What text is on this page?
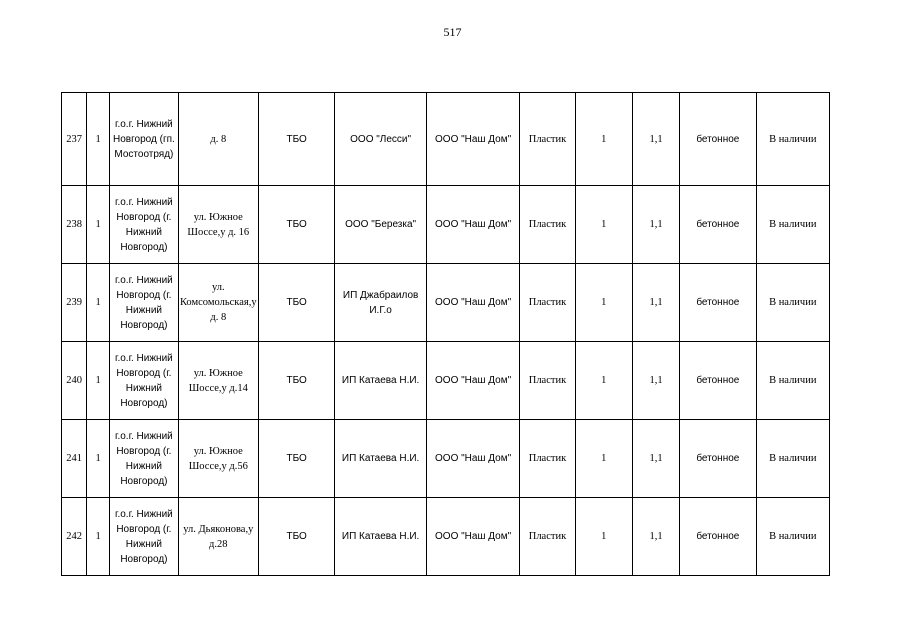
517
237	1	г.о.г. Нижний Новгород (гп. Мостоотряд)	д. 8	ТБО	ООО "Лесси"	ООО "Наш Дом"	Пластик	1	1,1	бетонное	В наличии
238	1	г.о.г. Нижний Новгород (г. Нижний Новгород)	ул. Южное Шоссе,у д. 16	ТБО	ООО "Березка"	ООО "Наш Дом"	Пластик	1	1,1	бетонное	В наличии
239	1	г.о.г. Нижний Новгород (г. Нижний Новгород)	ул. Комсомольская,у д. 8	ТБО	ИП Джабраилов И.Г.о	ООО "Наш Дом"	Пластик	1	1,1	бетонное	В наличии
240	1	г.о.г. Нижний Новгород (г. Нижний Новгород)	ул. Южное Шоссе,у д.14	ТБО	ИП Катаева Н.И.	ООО "Наш Дом"	Пластик	1	1,1	бетонное	В наличии
241	1	г.о.г. Нижний Новгород (г. Нижний Новгород)	ул. Южное Шоссе,у д.56	ТБО	ИП Катаева Н.И.	ООО "Наш Дом"	Пластик	1	1,1	бетонное	В наличии
242	1	г.о.г. Нижний Новгород (г. Нижний Новгород)	ул. Дьяконова,у д.28	ТБО	ИП Катаева Н.И.	ООО "Наш Дом"	Пластик	1	1,1	бетонное	В наличии
